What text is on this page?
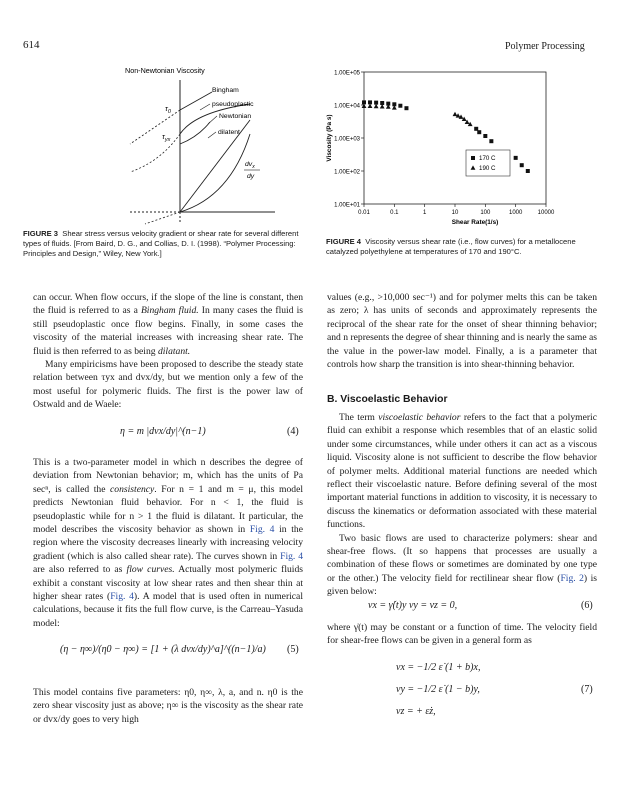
614	Polymer Processing
Non-Newtonian Viscosity
$\tau_0$
$\tau_{yx}$
Bingham
pseudoplastic
Newtonian
dilatent
$dv_x$
dy
FIGURE 3 Shear stress versus velocity gradient or shear rate for several different types of fluids. [From Baird, D. G., and Collias, D. I. (1998). “Polymer Processing: Principles and Design,” Wiley, New York.]
1.00E+01
1.00E+02
1.00E+03
1.00E+04
1.00E+05
0.01	0.1	1	10	100	1000	10000
Shear Rate(1/s)
Viscosity (Pa s)	170 C
190 C
FIGURE 4 Viscosity versus shear rate (i.e., flow curves) for a metallocene catalyzed polyethylene at temperatures of 170 and 190°C.

can occur. When flow occurs, if the slope of the line is constant, then the fluid is referred to as a Bingham fluid. In many cases the fluid is still pseudoplastic once flow begins. Finally, in some cases the viscosity of the material increases with increasing shear rate. The fluid is then referred to as being dilatant.

Many empiricisms have been proposed to describe the steady state relation between τyx and dvx/dy, but we mention only a few of the most useful for polymeric fluids. The first is the power law of Ostwald and de Waele:

η = m |dvx/dy|^(n−1)	(4)

This is a two-parameter model in which n describes the degree of deviation from Newtonian behavior; m, which has the units of Pa secⁿ, is called the consistency. For n = 1 and m = μ, this model predicts Newtonian fluid behavior. For n < 1, the fluid is pseudoplastic while for n > 1 the fluid is dilatant. It particular, the model describes the viscosity behavior as shown in Fig. 4 in the region where the viscosity decreases linearly with increasing velocity gradient (which is also called shear rate). The curves shown in Fig. 4 are also referred to as flow curves. Actually most polymeric fluids exhibit a constant viscosity at low shear rates and then shear thin at higher shear rates (Fig. 4). A model that is used often in numerical calculations, because it fits the full flow curve, is the Carreau–Yasuda model:

(η − η∞)/(η0 − η∞) = [1 + (λ dvx/dy)^a]^((n−1)/a) (5)

This model contains five parameters: η0, η∞, λ, a, and n. η0 is the zero shear viscosity just as above; η∞ is the viscosity as the shear rate or dvx/dy goes to very high

values (e.g., >10,000 sec⁻¹) and for polymer melts this can be taken as zero; λ has units of seconds and approximately represents the reciprocal of the shear rate for the onset of shear thinning behavior; and n represents the degree of shear thinning and is nearly the same as the value in the power-law model. Finally, a is a parameter that controls how sharp the transition is into shear-thinning behavior.

B. Viscoelastic Behavior

The term viscoelastic behavior refers to the fact that a polymeric fluid can exhibit a response which resembles that of an elastic solid under some circumstances, while under others it can act as a viscous liquid. Viscosity alone is not sufficient to describe the flow behavior of polymer melts. Additional material functions are needed which reflect their viscoelastic nature. Before defining several of the most important material functions in addition to viscosity, it is necessary to discuss the kinematics or deformation associated with these material functions.

Two basic flows are used to characterize polymers: shear and shear-free flows. (It so happens that processes are usually a combination of these flows or sometimes are dominated by one type or the other.) The velocity field for rectilinear shear flow (Fig. 2) is given below:

vx = γ̇(t)y vy = vz = 0,	(6)

where γ̇(t) may be constant or a function of time. The velocity field for shear-free flows can be given in a general form as

vx = −1/2 ε̇ (1 + b)x,
vy = −1/2 ε̇ (1 − b)y,
vz = + ε̇z,
(7)
